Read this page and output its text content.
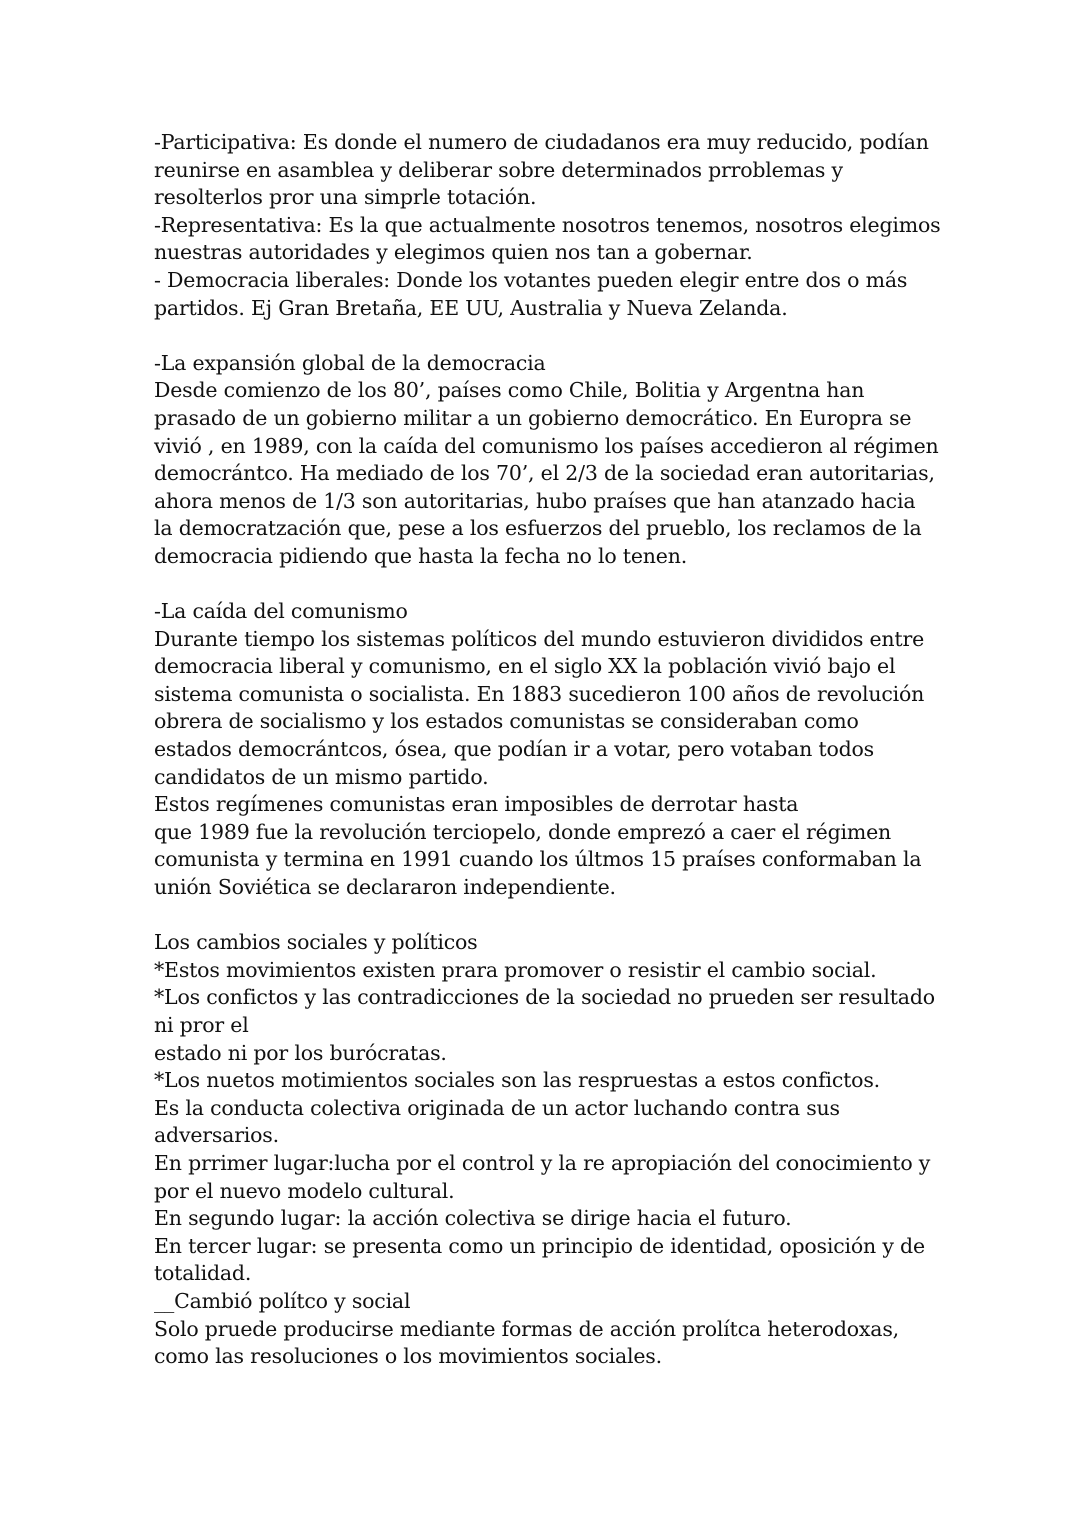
-Participativa: Es donde el numero de ciudadanos era muy reducido, podían
reunirse en asamblea y deliberar sobre determinados prroblemas y
resolterlos pror una simprle totación.
-Representativa: Es la que actualmente nosotros tenemos, nosotros elegimos
nuestras autoridades y elegimos quien nos tan a gobernar.
- Democracia liberales: Donde los votantes pueden elegir entre dos o más
partidos. Ej Gran Bretaña, EE UU, Australia y Nueva Zelanda.
-La expansión global de la democracia
Desde comienzo de los 80’, países como Chile, Bolitia y Argentna han
prasado de un gobierno militar a un gobierno democrático. En Europra se
vivió , en 1989, con la caída del comunismo los países accedieron al régimen
democrántco. Ha mediado de los 70’, el 2/3 de la sociedad eran autoritarias,
ahora menos de 1/3 son autoritarias, hubo praíses que han atanzado hacia
la democratzación que, pese a los esfuerzos del prueblo, los reclamos de la
democracia pidiendo que hasta la fecha no lo tenen.
-La caída del comunismo
Durante tiempo los sistemas políticos del mundo estuvieron divididos entre
democracia liberal y comunismo, en el siglo XX la población vivió bajo el
sistema comunista o socialista. En 1883 sucedieron 100 años de revolución
obrera de socialismo y los estados comunistas se consideraban como
estados democrántcos, ósea, que podían ir a votar, pero votaban todos
candidatos de un mismo partido.
Estos regímenes comunistas eran imposibles de derrotar hasta
que 1989 fue la revolución terciopelo, donde emprezó a caer el régimen
comunista y termina en 1991 cuando los últmos 15 praíses conformaban la
unión Soviética se declararon independiente.
Los cambios sociales y políticos
*Estos movimientos existen prara promover o resistir el cambio social.
*Los confictos y las contradicciones de la sociedad no prueden ser resultado
ni pror el
estado ni por los burócratas.
*Los nuetos motimientos sociales son las respruestas a estos confictos.
Es la conducta colectiva originada de un actor luchando contra sus
adversarios.
En prrimer lugar:lucha por el control y la re apropiación del conocimiento y
por el nuevo modelo cultural.
En segundo lugar: la acción colectiva se dirige hacia el futuro.
En tercer lugar: se presenta como un principio de identidad, oposición y de
totalidad.
__Cambió polítco y social
Solo pruede producirse mediante formas de acción prolítca heterodoxas,
como las resoluciones o los movimientos sociales.
